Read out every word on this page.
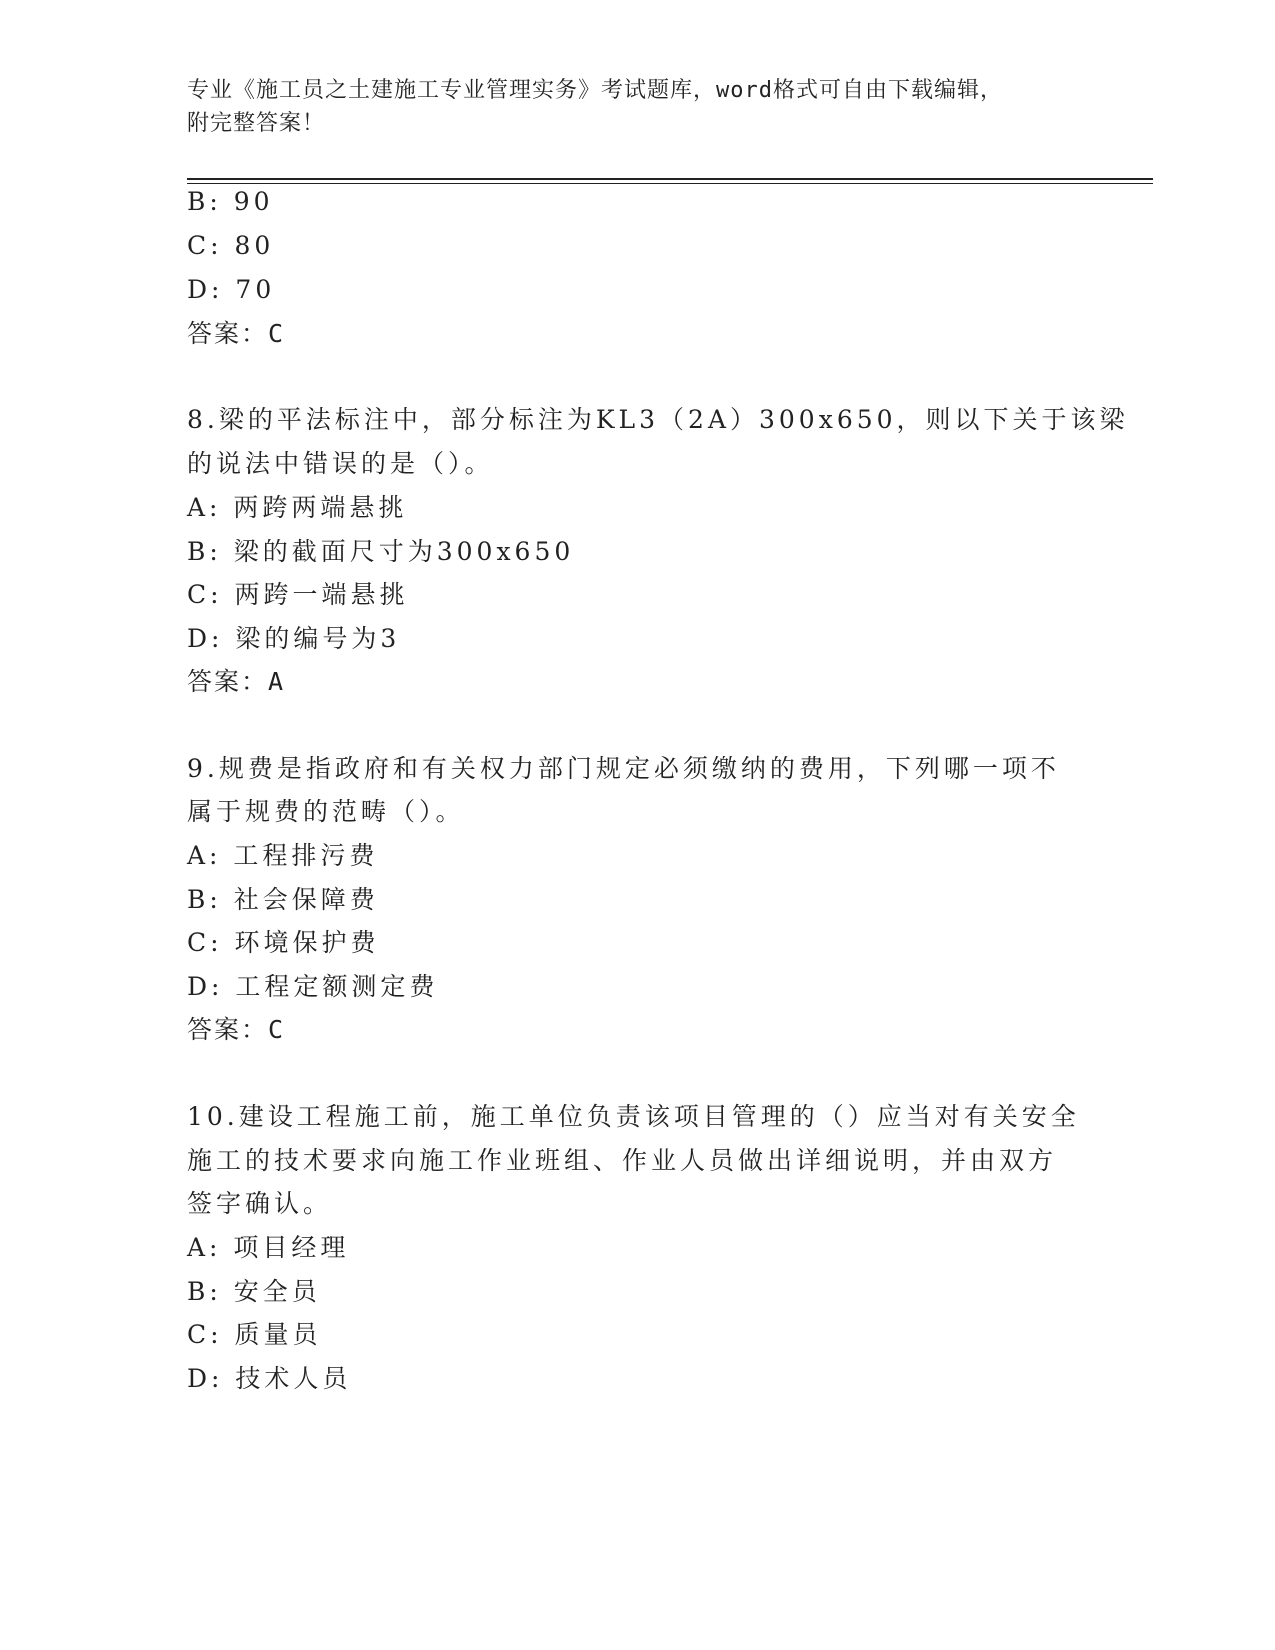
专业《施工员之土建施工专业管理实务》考试题库，word格式可自由下载编辑，
附完整答案！
B: 90
C: 80
D: 70
答案：C
8.梁的平法标注中，部分标注为KL3（2A）300x650，则以下关于该梁
的说法中错误的是（）。
A: 两跨两端悬挑
B: 梁的截面尺寸为300x650
C: 两跨一端悬挑
D: 梁的编号为3
答案：A
9.规费是指政府和有关权力部门规定必须缴纳的费用，下列哪一项不
属于规费的范畴（）。
A: 工程排污费
B: 社会保障费
C: 环境保护费
D: 工程定额测定费
答案：C
10.建设工程施工前，施工单位负责该项目管理的（）应当对有关安全
施工的技术要求向施工作业班组、作业人员做出详细说明，并由双方
签字确认。
A: 项目经理
B: 安全员
C: 质量员
D: 技术人员
